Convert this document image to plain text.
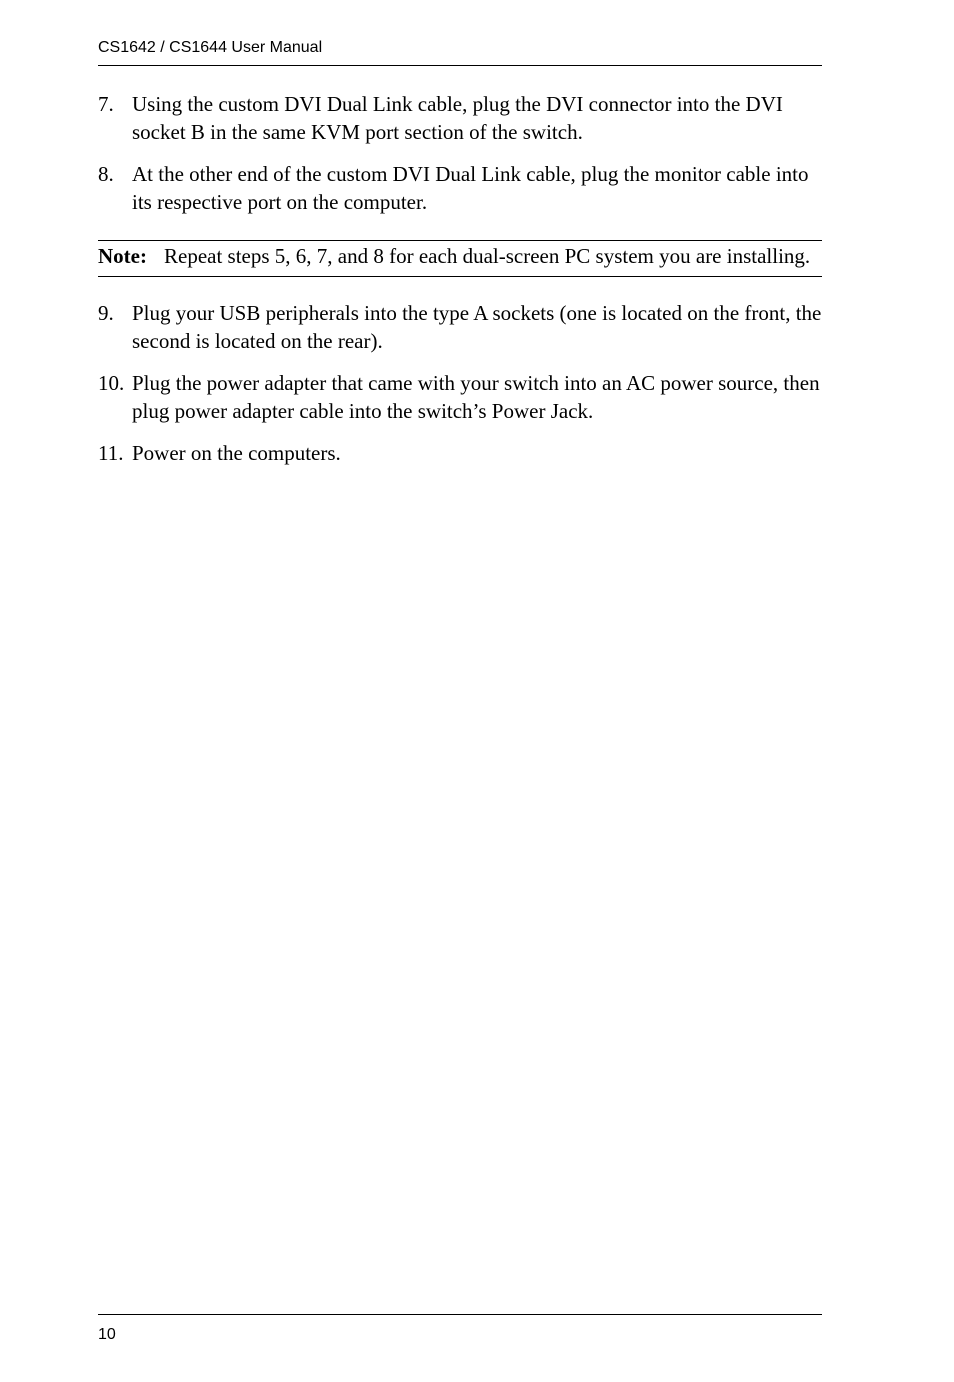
CS1642 / CS1644 User Manual
7. Using the custom DVI Dual Link cable, plug the DVI connector into the DVI socket B in the same KVM port section of the switch.
8. At the other end of the custom DVI Dual Link cable, plug the monitor cable into its respective port on the computer.
Note: Repeat steps 5, 6, 7, and 8 for each dual-screen PC system you are installing.
9. Plug your USB peripherals into the type A sockets (one is located on the front, the second is located on the rear).
10. Plug the power adapter that came with your switch into an AC power source, then plug power adapter cable into the switch’s Power Jack.
11. Power on the computers.
10
